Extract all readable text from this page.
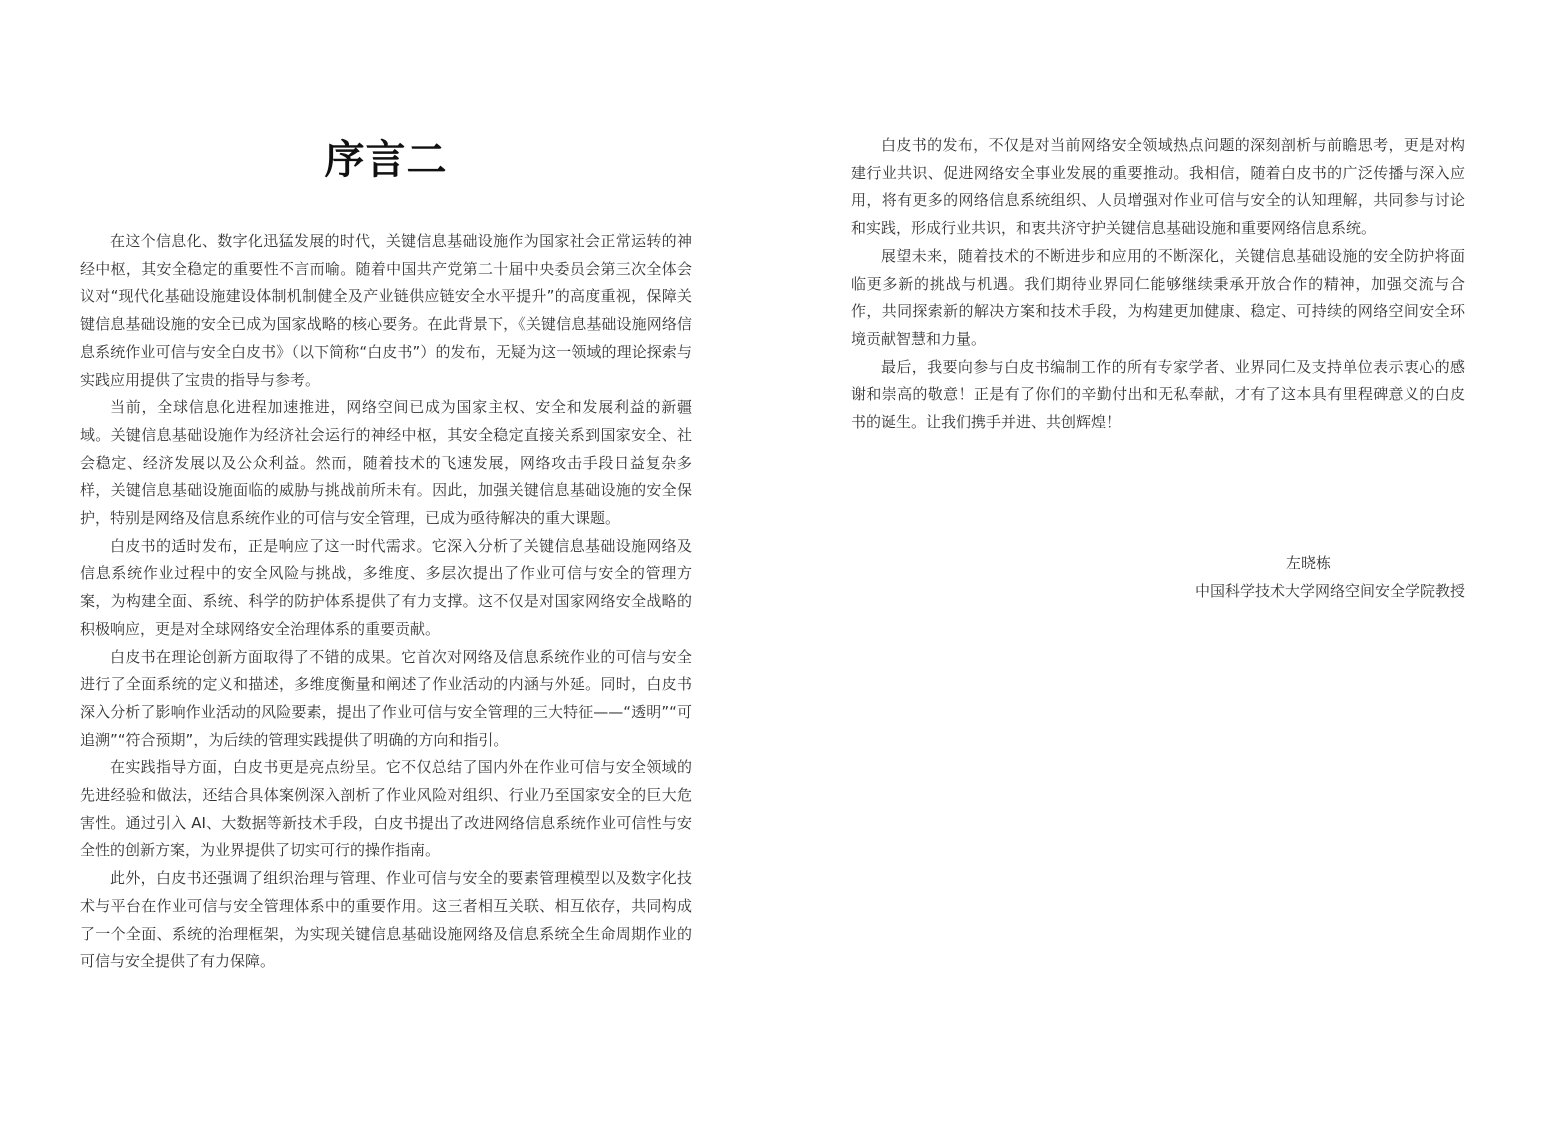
序言二

在这个信息化、数字化迅猛发展的时代，关键信息基础设施作为国家社会正常运转的神经中枢，其安全稳定的重要性不言而喻。随着中国共产党第二十届中央委员会第三次全体会议对“现代化基础设施建设体制机制健全及产业链供应链安全水平提升”的高度重视，保障关键信息基础设施的安全已成为国家战略的核心要务。在此背景下，《关键信息基础设施网络信息系统作业可信与安全白皮书》（以下简称“白皮书”）的发布，无疑为这一领域的理论探索与实践应用提供了宝贵的指导与参考。

当前，全球信息化进程加速推进，网络空间已成为国家主权、安全和发展利益的新疆域。关键信息基础设施作为经济社会运行的神经中枢，其安全稳定直接关系到国家安全、社会稳定、经济发展以及公众利益。然而，随着技术的飞速发展，网络攻击手段日益复杂多样，关键信息基础设施面临的威胁与挑战前所未有。因此，加强关键信息基础设施的安全保护，特别是网络及信息系统作业的可信与安全管理，已成为亟待解决的重大课题。

白皮书的适时发布，正是响应了这一时代需求。它深入分析了关键信息基础设施网络及信息系统作业过程中的安全风险与挑战，多维度、多层次提出了作业可信与安全的管理方案，为构建全面、系统、科学的防护体系提供了有力支撑。这不仅是对国家网络安全战略的积极响应，更是对全球网络安全治理体系的重要贡献。

白皮书在理论创新方面取得了不错的成果。它首次对网络及信息系统作业的可信与安全进行了全面系统的定义和描述，多维度衡量和阐述了作业活动的内涵与外延。同时，白皮书深入分析了影响作业活动的风险要素，提出了作业可信与安全管理的三大特征——“透明”“可追溯”“符合预期”，为后续的管理实践提供了明确的方向和指引。

在实践指导方面，白皮书更是亮点纷呈。它不仅总结了国内外在作业可信与安全领域的先进经验和做法，还结合具体案例深入剖析了作业风险对组织、行业乃至国家安全的巨大危害性。通过引入 AI、大数据等新技术手段，白皮书提出了改进网络信息系统作业可信性与安全性的创新方案，为业界提供了切实可行的操作指南。

此外，白皮书还强调了组织治理与管理、作业可信与安全的要素管理模型以及数字化技术与平台在作业可信与安全管理体系中的重要作用。这三者相互关联、相互依存，共同构成了一个全面、系统的治理框架，为实现关键信息基础设施网络及信息系统全生命周期作业的可信与安全提供了有力保障。

白皮书的发布，不仅是对当前网络安全领域热点问题的深刻剖析与前瞻思考，更是对构建行业共识、促进网络安全事业发展的重要推动。我相信，随着白皮书的广泛传播与深入应用，将有更多的网络信息系统组织、人员增强对作业可信与安全的认知理解，共同参与讨论和实践，形成行业共识，和衷共济守护关键信息基础设施和重要网络信息系统。

展望未来，随着技术的不断进步和应用的不断深化，关键信息基础设施的安全防护将面临更多新的挑战与机遇。我们期待业界同仁能够继续秉承开放合作的精神，加强交流与合作，共同探索新的解决方案和技术手段，为构建更加健康、稳定、可持续的网络空间安全环境贡献智慧和力量。

最后，我要向参与白皮书编制工作的所有专家学者、业界同仁及支持单位表示衷心的感谢和崇高的敬意！正是有了你们的辛勤付出和无私奉献，才有了这本具有里程碑意义的白皮书的诞生。让我们携手并进、共创辉煌！

左晓栋
中国科学技术大学网络空间安全学院教授
